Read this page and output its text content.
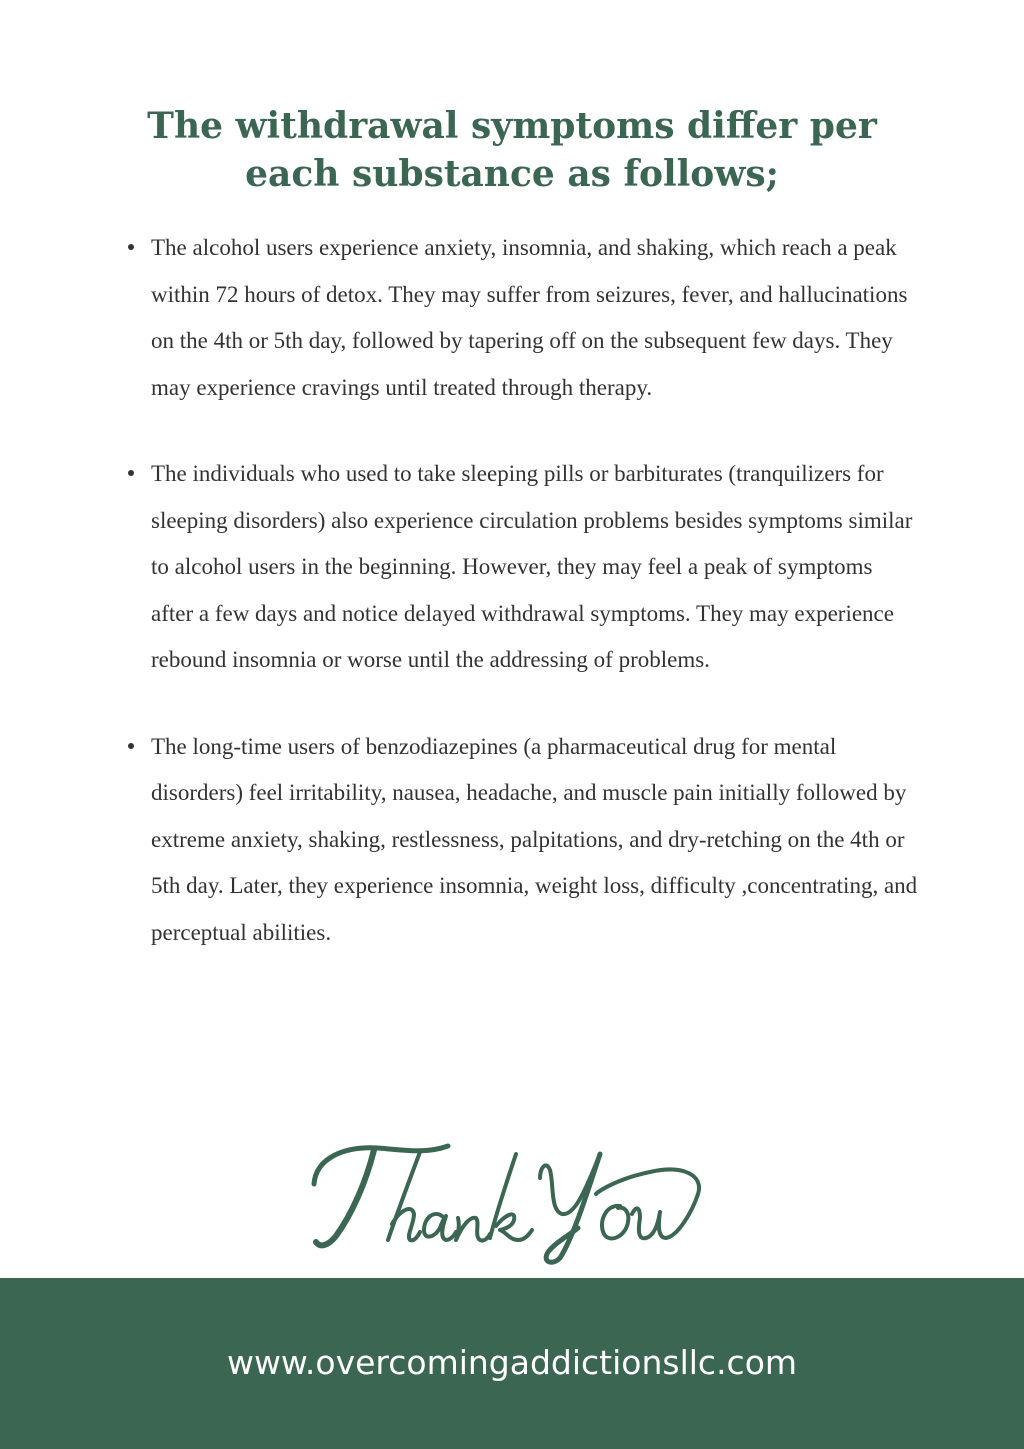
The withdrawal symptoms differ per each substance as follows;

The alcohol users experience anxiety, insomnia, and shaking, which reach a peak within 72 hours of detox. They may suffer from seizures, fever, and hallucinations on the 4th or 5th day, followed by tapering off on the subsequent few days. They may experience cravings until treated through therapy.

The individuals who used to take sleeping pills or barbiturates (tranquilizers for sleeping disorders) also experience circulation problems besides symptoms similar to alcohol users in the beginning. However, they may feel a peak of symptoms after a few days and notice delayed withdrawal symptoms. They may experience rebound insomnia or worse until the addressing of problems.

The long-time users of benzodiazepines (a pharmaceutical drug for mental disorders) feel irritability, nausea, headache, and muscle pain initially followed by extreme anxiety, shaking, restlessness, palpitations, and dry-retching on the 4th or 5th day. Later, they experience insomnia, weight loss, difficulty ,concentrating, and perceptual abilities.

www.overcomingaddictionsllc.com
